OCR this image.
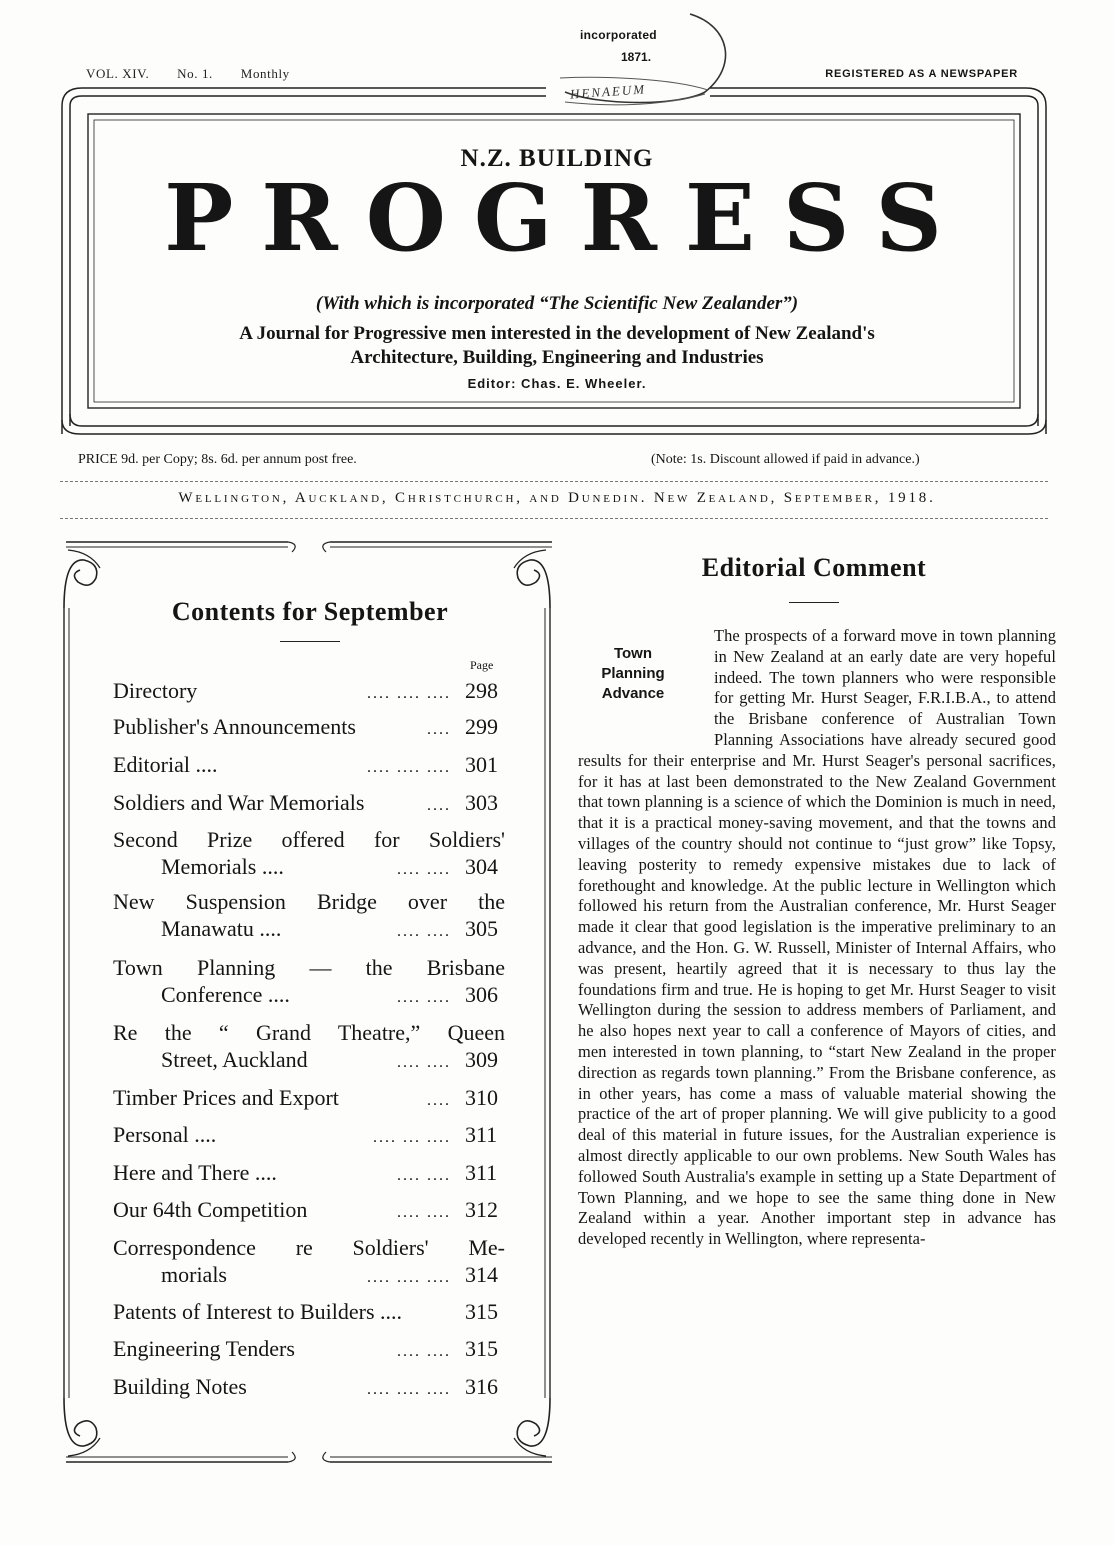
incorporated
1871.
HENAEUM
VOL. XIV. No. 1. Monthly	REGISTERED AS A NEWSPAPER
N.Z. BUILDING
PROGRESS
(With which is incorporated “The Scientific New Zealander”)
A Journal for Progressive men interested in the development of New Zealand's
Architecture, Building, Engineering and Industries
Editor: Chas. E. Wheeler.
PRICE 9d. per Copy; 8s. 6d. per annum post free.	(Note: 1s. Discount allowed if paid in advance.)
Wellington, Auckland, Christchurch, and Dunedin. New Zealand, September, 1918.
Contents for September
Page
Directory	.... .... .... 298
Publisher's Announcements	.... 299
Editorial ....	.... .... .... 301
Soldiers and War Memorials	.... 303
Second Prize offered for Soldiers'
Memorials ....	.... .... 304
New Suspension Bridge over the
Manawatu ....	.... .... 305
Town Planning — the Brisbane
Conference ....	.... .... 306
Re the “ Grand Theatre,” Queen
Street, Auckland	.... .... 309
Timber Prices and Export	.... 310
Personal ....	.... ... .... 311
Here and There ....	.... .... 311
Our 64th Competition	.... .... 312
Correspondence re Soldiers' Me-
morials	.... .... .... 314
Patents of Interest to Builders ....	315
Engineering Tenders	.... .... 315
Building Notes	.... .... .... 316
Editorial Comment
Town Planning Advance
The prospects of a forward move in town planning in New Zealand at an early date are very hopeful indeed. The town planners who were responsible for getting Mr. Hurst Seager, F.R.I.B.A., to attend the Brisbane conference of Australian Town Planning Associations have already secured good results for their enterprise and Mr. Hurst Seager's personal sacrifices, for it has at last been demonstrated to the New Zealand Government that town planning is a science of which the Dominion is much in need, that it is a practical money-saving movement, and that the towns and villages of the country should not continue to “just grow” like Topsy, leaving posterity to remedy expensive mistakes due to lack of forethought and knowledge. At the public lecture in Wellington which followed his return from the Australian conference, Mr. Hurst Seager made it clear that good legislation is the imperative preliminary to an advance, and the Hon. G. W. Russell, Minister of Internal Affairs, who was present, heartily agreed that it is necessary to thus lay the foundations firm and true. He is hoping to get Mr. Hurst Seager to visit Wellington during the session to address members of Parliament, and he also hopes next year to call a conference of Mayors of cities, and men interested in town planning, to “start New Zealand in the proper direction as regards town planning.” From the Brisbane conference, as in other years, has come a mass of valuable material showing the practice of the art of proper planning. We will give publicity to a good deal of this material in future issues, for the Australian experience is almost directly applicable to our own problems. New South Wales has followed South Australia's example in setting up a State Department of Town Planning, and we hope to see the same thing done in New Zealand within a year. Another important step in advance has developed recently in Wellington, where representa-
